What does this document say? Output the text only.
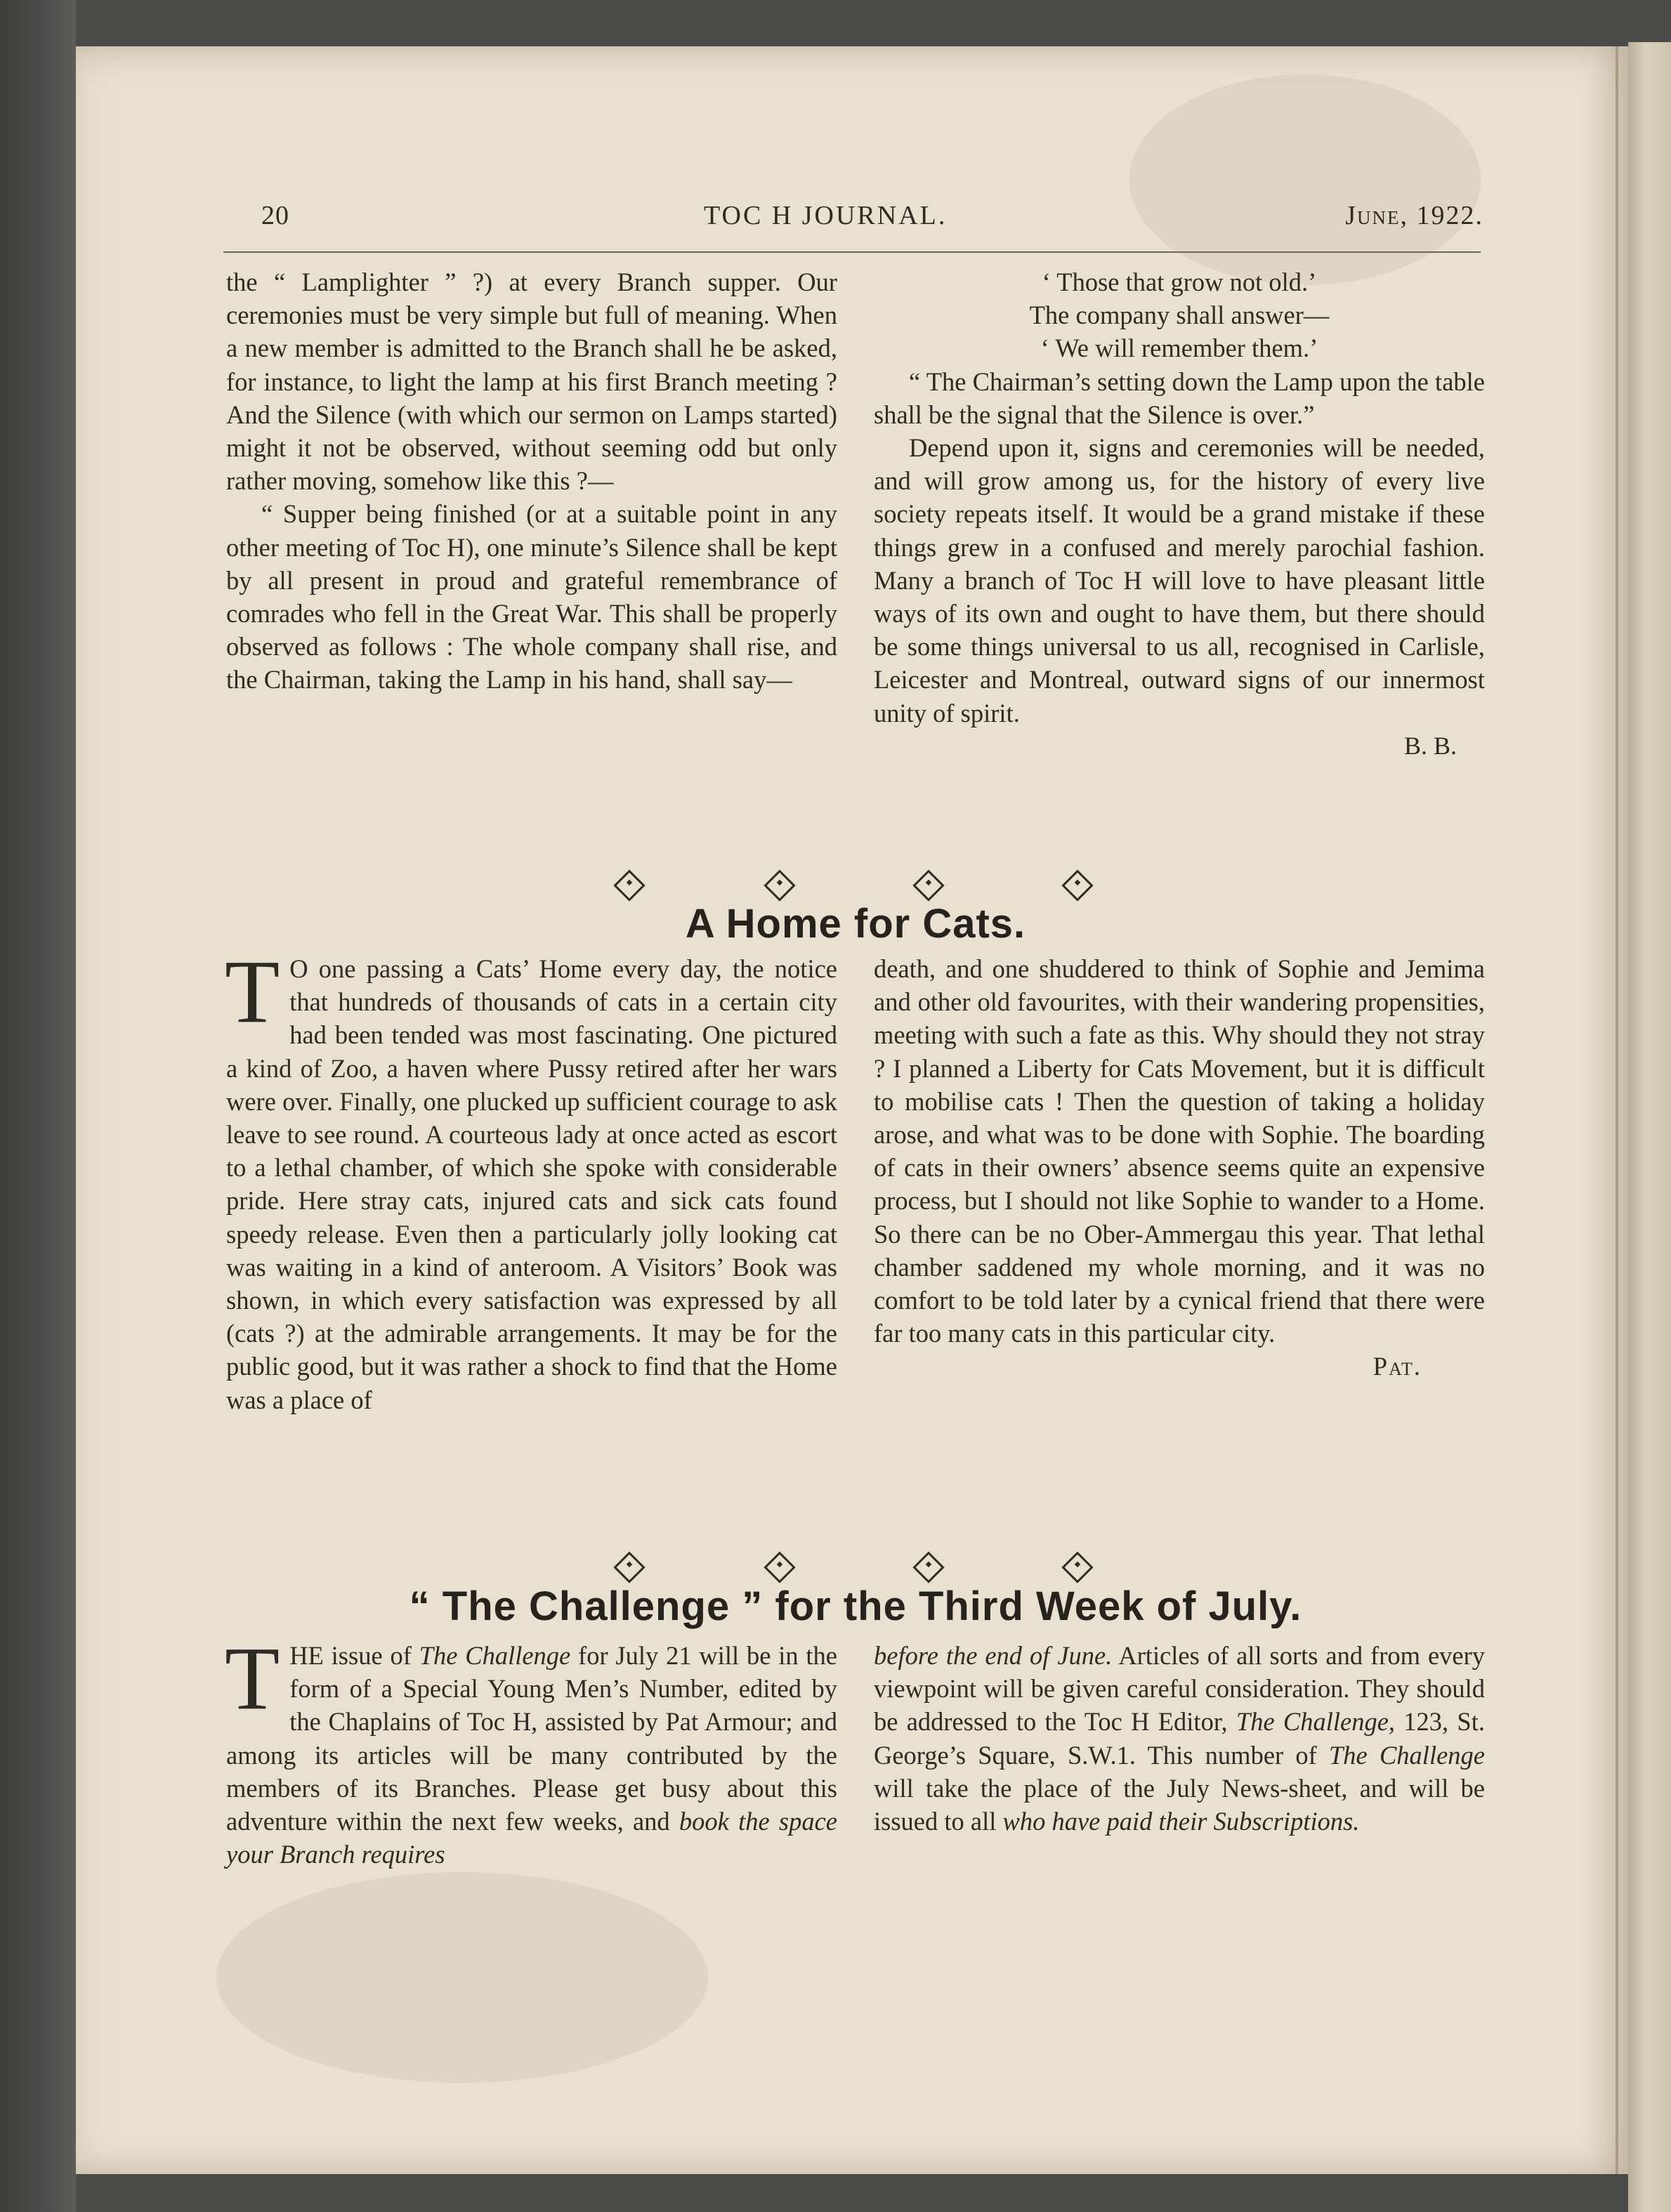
20	TOC H JOURNAL.	June, 1922.

the “ Lamplighter ” ?) at every Branch supper. Our ceremonies must be very simple but full of meaning. When a new member is admitted to the Branch shall he be asked, for instance, to light the lamp at his first Branch meeting ? And the Silence (with which our sermon on Lamps started) might it not be observed, without seeming odd but only rather moving, somehow like this ?—

“ Supper being finished (or at a suitable point in any other meeting of Toc H), one minute’s Silence shall be kept by all present in proud and grateful remembrance of comrades who fell in the Great War. This shall be properly observed as follows : The whole company shall rise, and the Chairman, taking the Lamp in his hand, shall say—

‘ Those that grow not old.’

The company shall answer—

‘ We will remember them.’

“ The Chairman’s setting down the Lamp upon the table shall be the signal that the Silence is over.”

Depend upon it, signs and ceremonies will be needed, and will grow among us, for the history of every live society repeats itself. It would be a grand mistake if these things grew in a confused and merely parochial fashion. Many a branch of Toc H will love to have pleasant little ways of its own and ought to have them, but there should be some things universal to us all, recognised in Carlisle, Leicester and Montreal, outward signs of our innermost unity of spirit.

B. B.

A Home for Cats.

T O one passing a Cats’ Home every day, the notice that hundreds of thousands of cats in a certain city had been tended was most fascinating. One pictured a kind of Zoo, a haven where Pussy retired after her wars were over. Finally, one plucked up sufficient courage to ask leave to see round. A courteous lady at once acted as escort to a lethal chamber, of which she spoke with considerable pride. Here stray cats, injured cats and sick cats found speedy release. Even then a particularly jolly looking cat was waiting in a kind of anteroom. A Visitors’ Book was shown, in which every satisfaction was expressed by all (cats ?) at the admirable arrangements. It may be for the public good, but it was rather a shock to find that the Home was a place of

death, and one shuddered to think of Sophie and Jemima and other old favourites, with their wandering propensities, meeting with such a fate as this. Why should they not stray ? I planned a Liberty for Cats Movement, but it is difficult to mobilise cats ! Then the question of taking a holiday arose, and what was to be done with Sophie. The boarding of cats in their owners’ absence seems quite an expensive process, but I should not like Sophie to wander to a Home. So there can be no Ober-Ammergau this year. That lethal chamber saddened my whole morning, and it was no comfort to be told later by a cynical friend that there were far too many cats in this particular city.

Pat.

“ The Challenge ” for the Third Week of July.

THE issue of The Challenge for July 21 will be in the form of a Special Young Men’s Number, edited by the Chaplains of Toc H, assisted by Pat Armour; and among its articles will be many contributed by the members of its Branches. Please get busy about this adventure within the next few weeks, and book the space your Branch requires

before the end of June. Articles of all sorts and from every viewpoint will be given careful consideration. They should be addressed to the Toc H Editor, The Challenge, 123, St. George’s Square, S.W.1. This number of The Challenge will take the place of the July News-sheet, and will be issued to all who have paid their Subscriptions.
